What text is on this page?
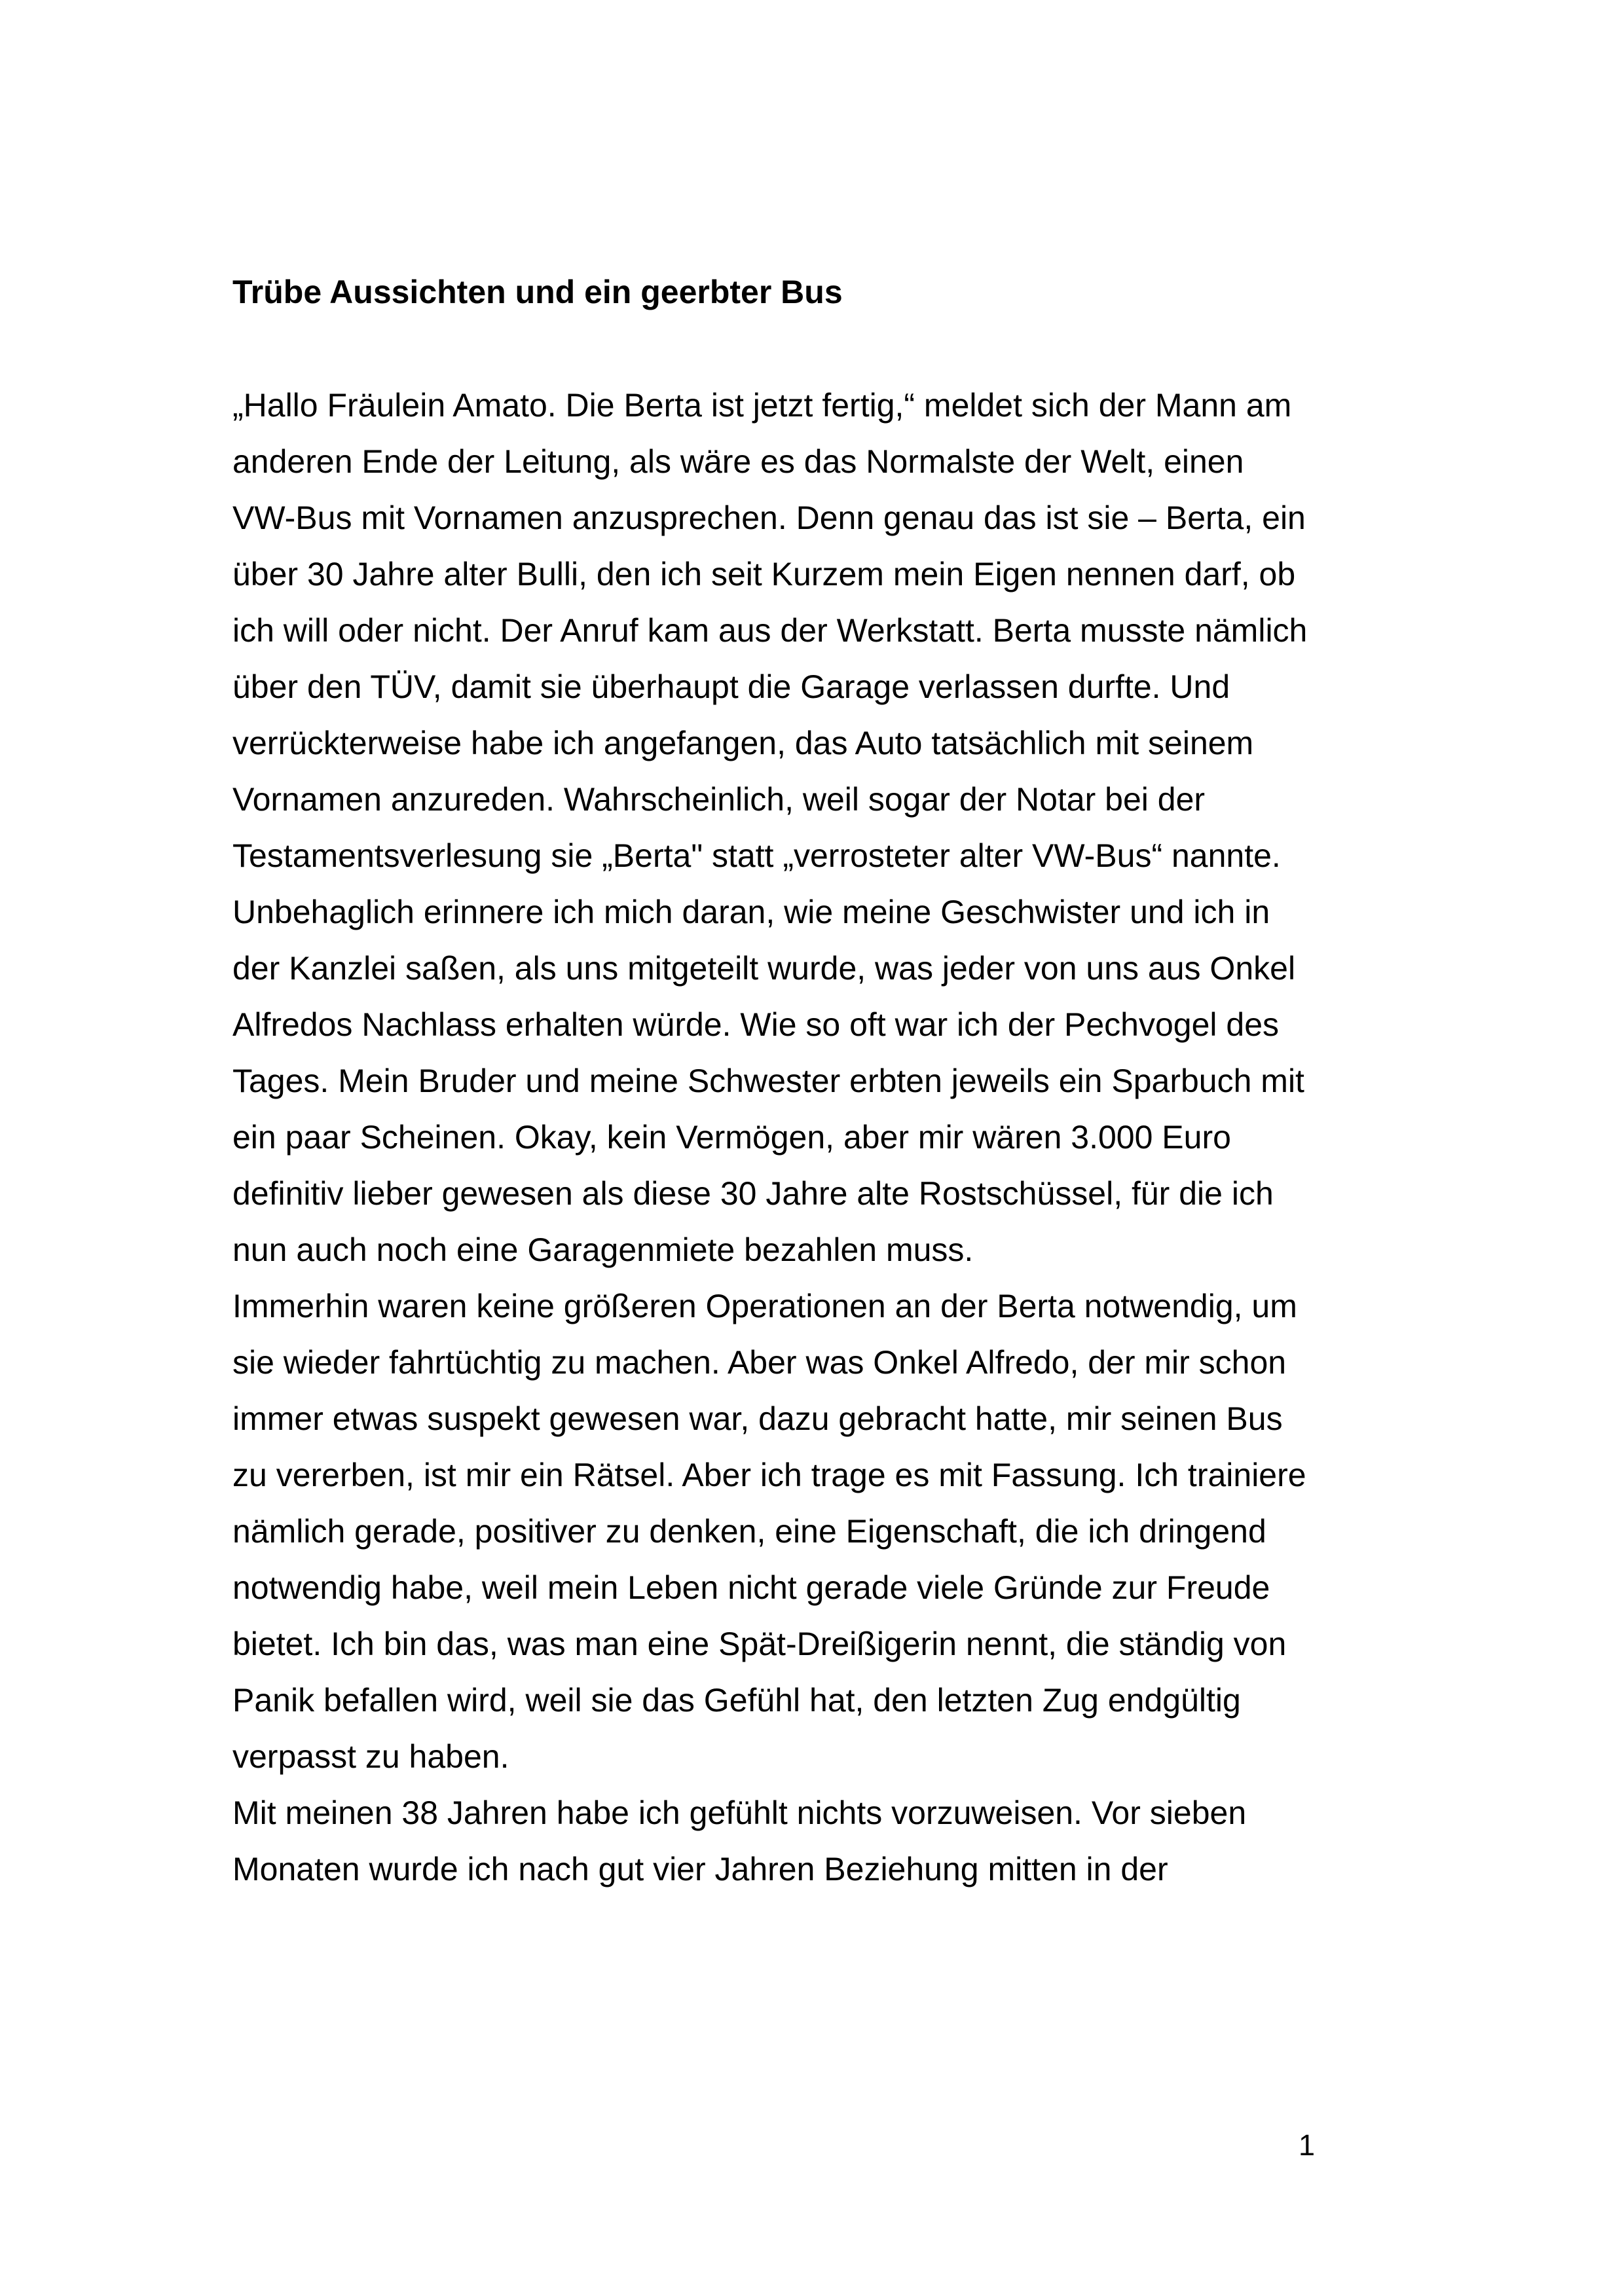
Trübe Aussichten und ein geerbter Bus
„Hallo Fräulein Amato. Die Berta ist jetzt fertig,“ meldet sich der Mann am
anderen Ende der Leitung, als wäre es das Normalste der Welt, einen
VW-Bus mit Vornamen anzusprechen. Denn genau das ist sie – Berta, ein
über 30 Jahre alter Bulli, den ich seit Kurzem mein Eigen nennen darf, ob
ich will oder nicht. Der Anruf kam aus der Werkstatt. Berta musste nämlich
über den TÜV, damit sie überhaupt die Garage verlassen durfte. Und
verrückterweise habe ich angefangen, das Auto tatsächlich mit seinem
Vornamen anzureden. Wahrscheinlich, weil sogar der Notar bei der
Testamentsverlesung sie „Berta" statt „verrosteter alter VW-Bus“ nannte.
Unbehaglich erinnere ich mich daran, wie meine Geschwister und ich in
der Kanzlei saßen, als uns mitgeteilt wurde, was jeder von uns aus Onkel
Alfredos Nachlass erhalten würde. Wie so oft war ich der Pechvogel des
Tages. Mein Bruder und meine Schwester erbten jeweils ein Sparbuch mit
ein paar Scheinen. Okay, kein Vermögen, aber mir wären 3.000 Euro
definitiv lieber gewesen als diese 30 Jahre alte Rostschüssel, für die ich
nun auch noch eine Garagenmiete bezahlen muss.
Immerhin waren keine größeren Operationen an der Berta notwendig, um
sie wieder fahrtüchtig zu machen. Aber was Onkel Alfredo, der mir schon
immer etwas suspekt gewesen war, dazu gebracht hatte, mir seinen Bus
zu vererben, ist mir ein Rätsel. Aber ich trage es mit Fassung. Ich trainiere
nämlich gerade, positiver zu denken, eine Eigenschaft, die ich dringend
notwendig habe, weil mein Leben nicht gerade viele Gründe zur Freude
bietet. Ich bin das, was man eine Spät-Dreißigerin nennt, die ständig von
Panik befallen wird, weil sie das Gefühl hat, den letzten Zug endgültig
verpasst zu haben.
Mit meinen 38 Jahren habe ich gefühlt nichts vorzuweisen. Vor sieben
Monaten wurde ich nach gut vier Jahren Beziehung mitten in der
1
